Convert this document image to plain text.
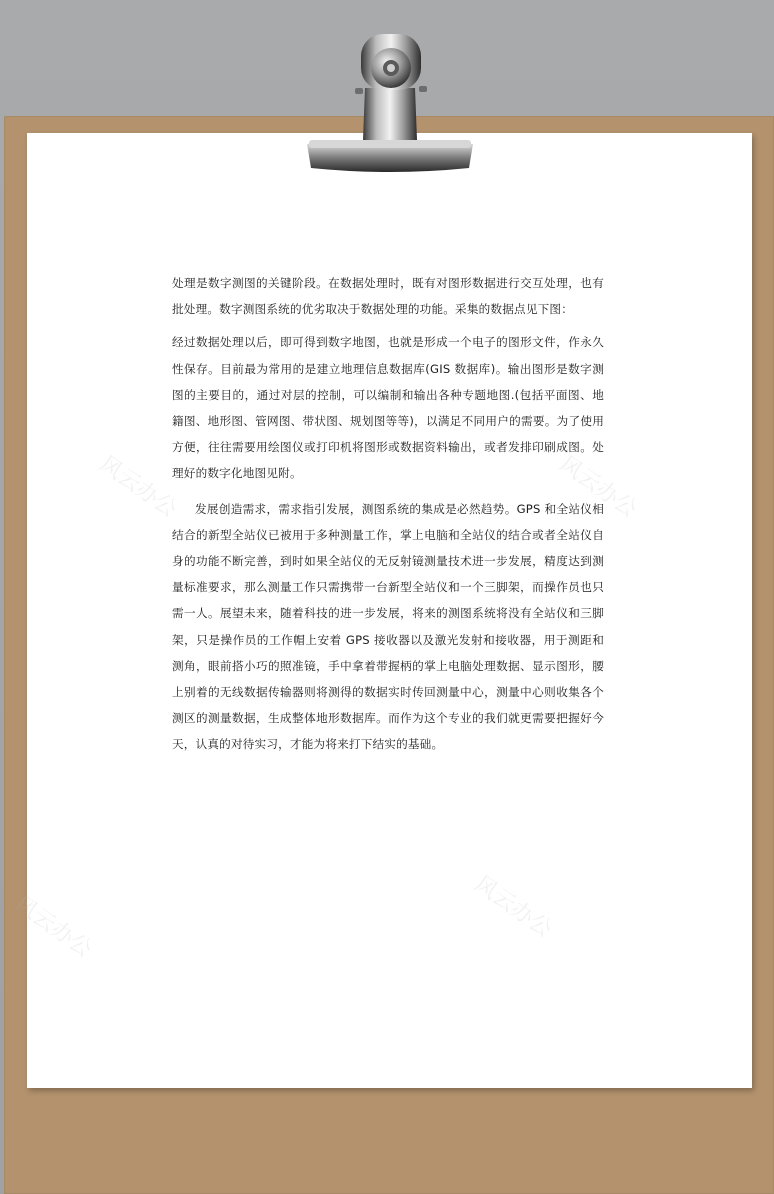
处理是数字测图的关键阶段。在数据处理时，既有对图形数据进行交互处理，也有批处理。数字测图系统的优劣取决于数据处理的功能。采集的数据点见下图：

经过数据处理以后，即可得到数字地图，也就是形成一个电子的图形文件，作永久性保存。目前最为常用的是建立地理信息数据库(GIS 数据库)。输出图形是数字测图的主要目的，通过对层的控制，可以编制和输出各种专题地图.(包括平面图、地籍图、地形图、管网图、带状图、规划图等等)，以满足不同用户的需要。为了使用方便，往往需要用绘图仪或打印机将图形或数据资料输出，或者发排印刷成图。处理好的数字化地图见附。

发展创造需求，需求指引发展，测图系统的集成是必然趋势。GPS 和全站仪相结合的新型全站仪已被用于多种测量工作，掌上电脑和全站仪的结合或者全站仪自身的功能不断完善，到时如果全站仪的无反射镜测量技术进一步发展，精度达到测量标准要求，那么测量工作只需携带一台新型全站仪和一个三脚架，而操作员也只需一人。展望未来，随着科技的进一步发展，将来的测图系统将没有全站仪和三脚架，只是操作员的工作帽上安着 GPS 接收器以及激光发射和接收器，用于测距和测角，眼前搭小巧的照准镜，手中拿着带握柄的掌上电脑处理数据、显示图形，腰上别着的无线数据传输器则将测得的数据实时传回测量中心，测量中心则收集各个测区的测量数据，生成整体地形数据库。而作为这个专业的我们就更需要把握好今天，认真的对待实习，才能为将来打下结实的基础。
